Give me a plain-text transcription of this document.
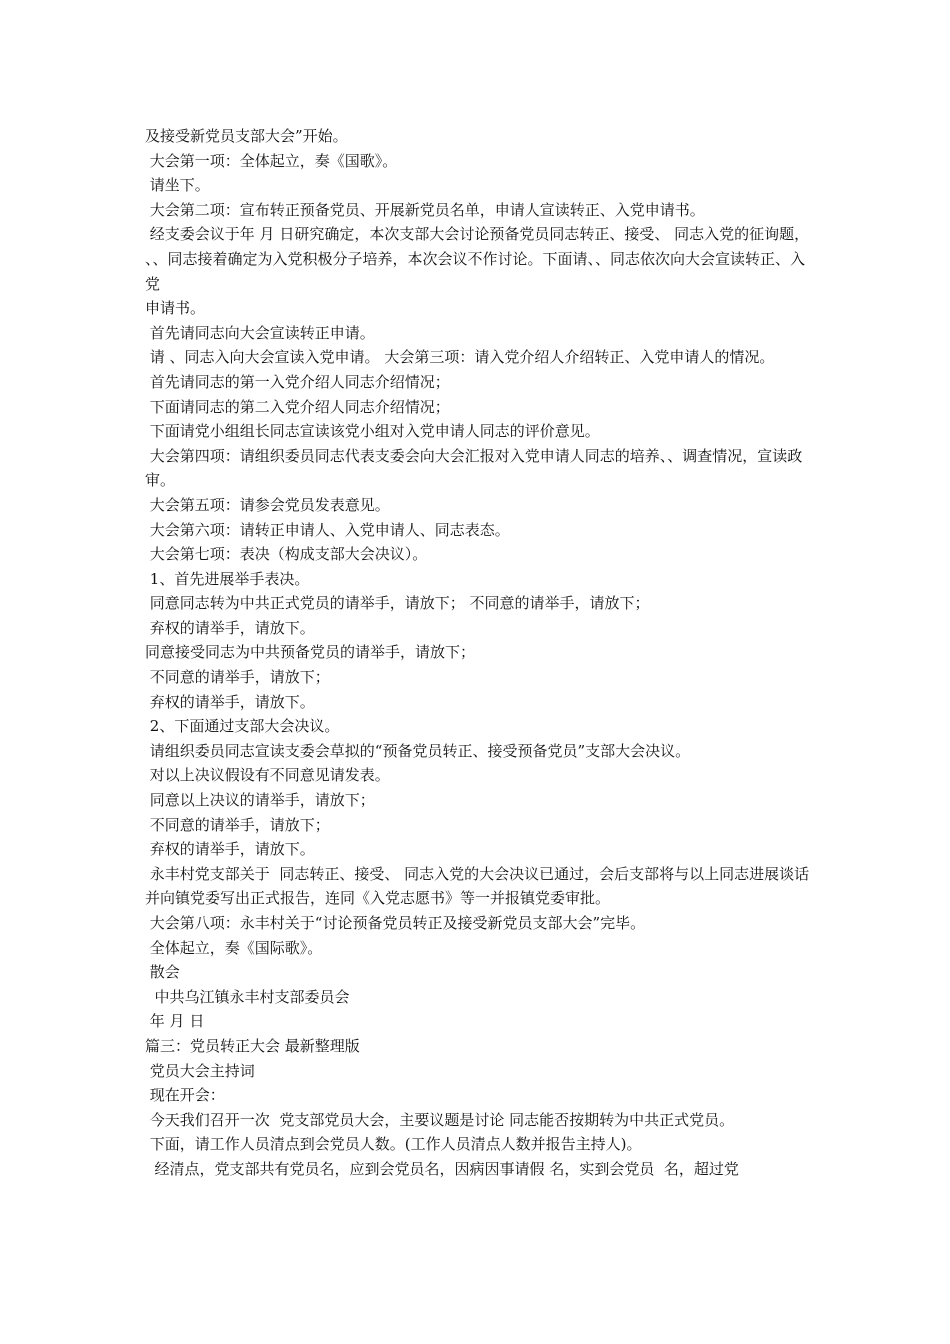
及接受新党员支部大会”开始。

大会第一项：全体起立，奏《国歌》。

请坐下。

大会第二项：宣布转正预备党员、开展新党员名单，申请人宣读转正、入党申请书。

经支委会议于年 月 日研究确定，本次支部大会讨论预备党员同志转正、接受、 同志入党的征询题， 、、同志接着确定为入党积极分子培养，本次会议不作讨论。下面请、、同志依次向大会宣读转正、入党

申请书。

首先请同志向大会宣读转正申请。

请 、同志入向大会宣读入党申请。 大会第三项：请入党介绍人介绍转正、入党申请人的情况。

首先请同志的第一入党介绍人同志介绍情况；

下面请同志的第二入党介绍人同志介绍情况；

下面请党小组组长同志宣读该党小组对入党申请人同志的评价意见。

大会第四项：请组织委员同志代表支委会向大会汇报对入党申请人同志的培养、、调查情况，宣读政审。

大会第五项：请参会党员发表意见。

大会第六项：请转正申请人、入党申请人、同志表态。

大会第七项：表决（构成支部大会决议）。

1、首先进展举手表决。

同意同志转为中共正式党员的请举手，请放下； 不同意的请举手，请放下；

弃权的请举手，请放下。

同意接受同志为中共预备党员的请举手，请放下；

不同意的请举手，请放下；

弃权的请举手，请放下。

2、下面通过支部大会决议。

请组织委员同志宣读支委会草拟的“预备党员转正、接受预备党员”支部大会决议。

对以上决议假设有不同意见请发表。

同意以上决议的请举手，请放下；

不同意的请举手，请放下；

弃权的请举手，请放下。

永丰村党支部关于  同志转正、接受、 同志入党的大会决议已通过，会后支部将与以上同志进展谈话并向镇党委写出正式报告，连同《入党志愿书》等一并报镇党委审批。

大会第八项：永丰村关于“讨论预备党员转正及接受新党员支部大会”完毕。

全体起立，奏《国际歌》。

散会

中共乌江镇永丰村支部委员会

年 月 日

篇三：党员转正大会 最新整理版

党员大会主持词

现在开会：

今天我们召开一次  党支部党员大会，主要议题是讨论 同志能否按期转为中共正式党员。

下面，请工作人员清点到会党员人数。(工作人员清点人数并报告主持人)。

经清点，党支部共有党员名，应到会党员名，因病因事请假 名，实到会党员  名，超过党
